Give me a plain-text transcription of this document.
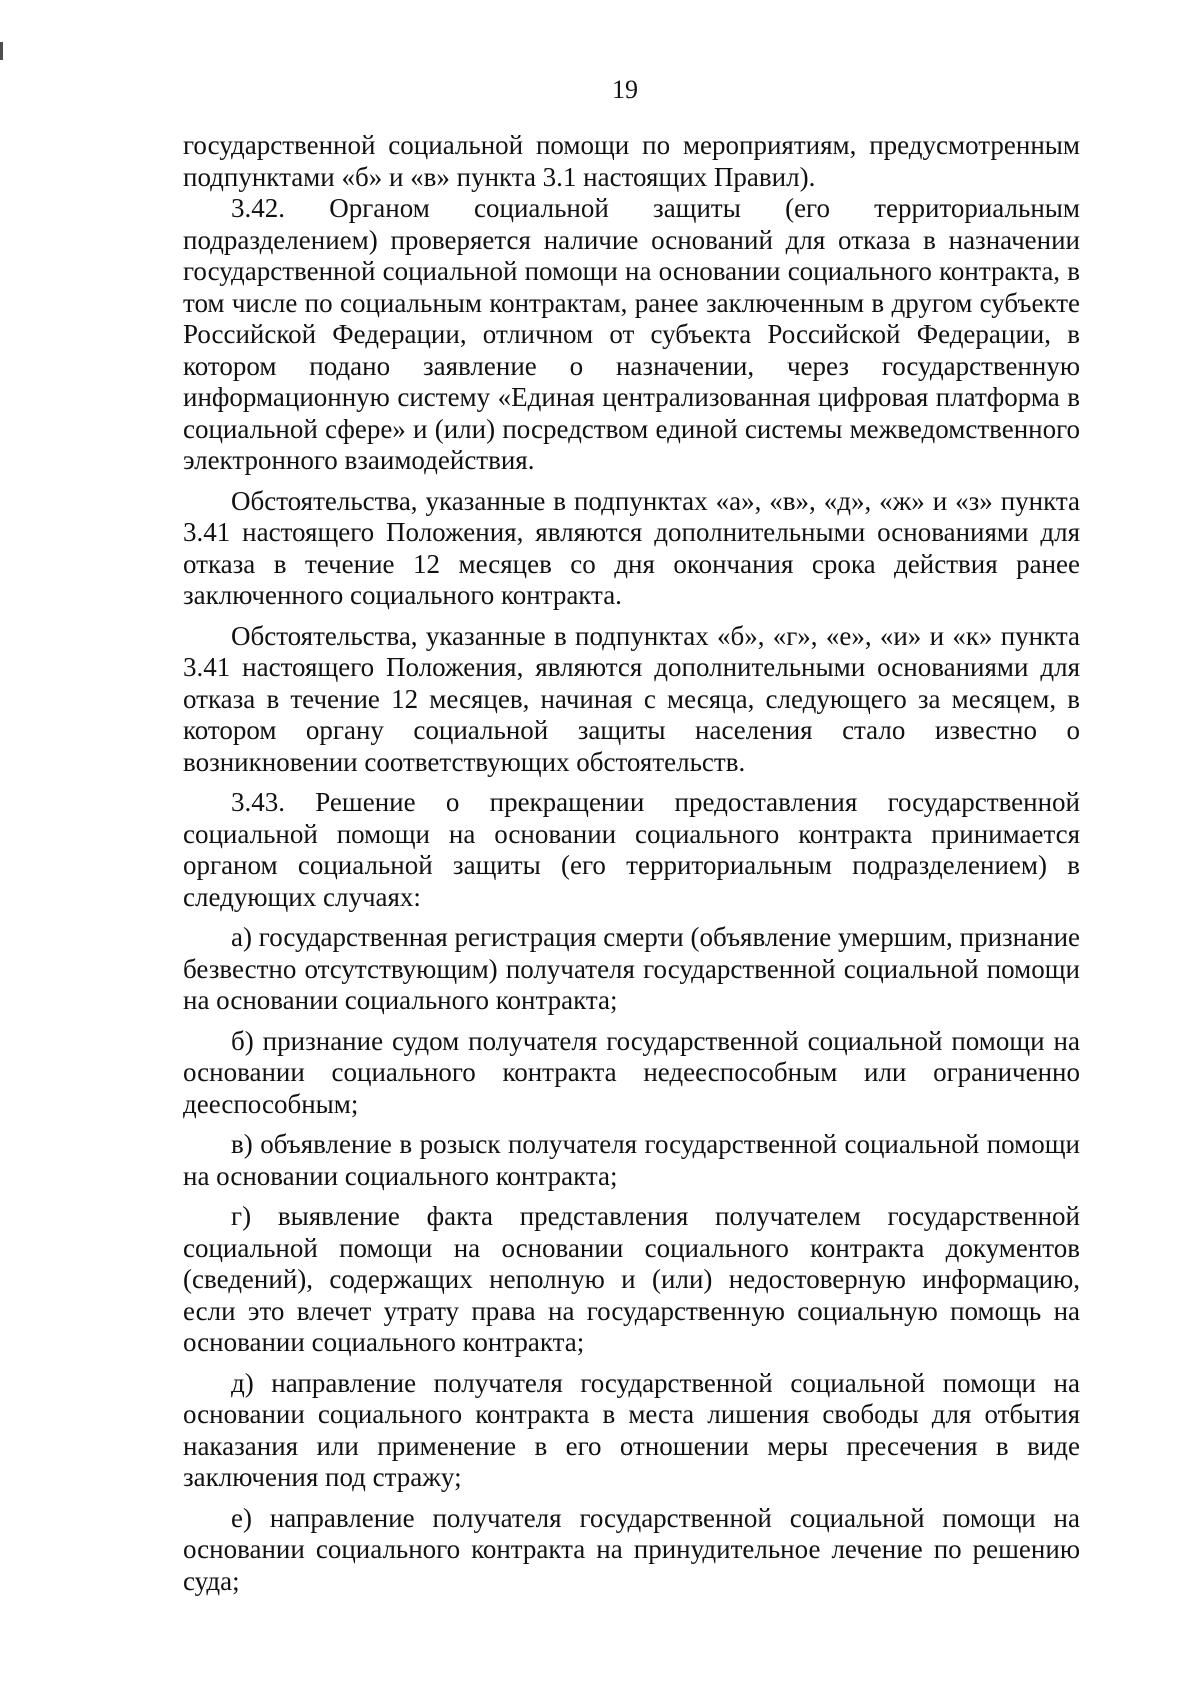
19

государственной социальной помощи по мероприятиям, предусмотренным подпунктами «б» и «в» пункта 3.1 настоящих Правил).

3.42. Органом социальной защиты (его территориальным подразделением) проверяется наличие оснований для отказа в назначении государственной социальной помощи на основании социального контракта, в том числе по социальным контрактам, ранее заключенным в другом субъекте Российской Федерации, отличном от субъекта Российской Федерации, в котором подано заявление о назначении, через государственную информационную систему «Единая централизованная цифровая платформа в социальной сфере» и (или) посредством единой системы межведомственного электронного взаимодействия.

Обстоятельства, указанные в подпунктах «а», «в», «д», «ж» и «з» пункта 3.41 настоящего Положения, являются дополнительными основаниями для отказа в течение 12 месяцев со дня окончания срока действия ранее заключенного социального контракта.

Обстоятельства, указанные в подпунктах «б», «г», «е», «и» и «к» пункта 3.41 настоящего Положения, являются дополнительными основаниями для отказа в течение 12 месяцев, начиная с месяца, следующего за месяцем, в котором органу социальной защиты населения стало известно о возникновении соответствующих обстоятельств.

3.43. Решение о прекращении предоставления государственной социальной помощи на основании социального контракта принимается органом социальной защиты (его территориальным подразделением) в следующих случаях:

а) государственная регистрация смерти (объявление умершим, признание безвестно отсутствующим) получателя государственной социальной помощи на основании социального контракта;

б) признание судом получателя государственной социальной помощи на основании социального контракта недееспособным или ограниченно дееспособным;

в) объявление в розыск получателя государственной социальной помощи на основании социального контракта;

г) выявление факта представления получателем государственной социальной помощи на основании социального контракта документов (сведений), содержащих неполную и (или) недостоверную информацию, если это влечет утрату права на государственную социальную помощь на основании социального контракта;

д) направление получателя государственной социальной помощи на основании социального контракта в места лишения свободы для отбытия наказания или применение в его отношении меры пресечения в виде заключения под стражу;

е) направление получателя государственной социальной помощи на основании социального контракта на принудительное лечение по решению суда;
